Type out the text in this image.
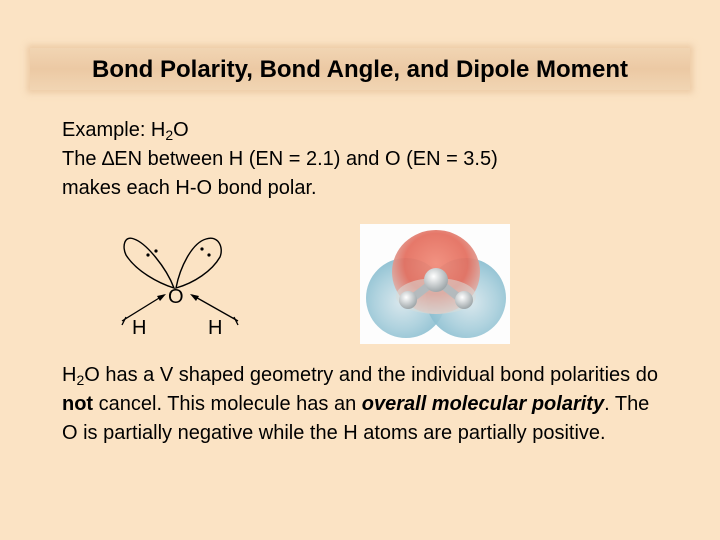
Bond Polarity, Bond Angle, and Dipole Moment
Example: $H_2O$
The ∆EN between H (EN = 2.1) and O (EN = 3.5)
makes each H-O bond polar.
O
H	H
$H_2O$ has a V shaped geometry and the individual bond polarities do not cancel. This molecule has an overall molecular polarity. The O is partially negative while the H atoms are partially positive.
